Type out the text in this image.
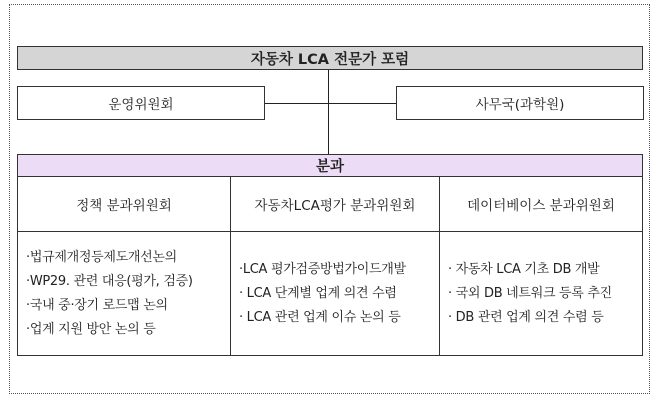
자동차 LCA 전문가 포럼
운영위원회	사무국(과학원)
분과
정책 분과위원회
·법규제개정등제도개선논의
·WP29. 관련 대응(평가, 검증)
·국내 중·장기 로드맵 논의
·업계 지원 방안 논의 등
자동차LCA평가 분과위원회
·LCA 평가검증방법가이드개발
· LCA 단계별 업계 의견 수렴
· LCA 관련 업계 이슈 논의 등
데이터베이스 분과위원회
· 자동차 LCA 기초 DB 개발
· 국외 DB 네트워크 등록 추진
· DB 관련 업계 의견 수렴 등
